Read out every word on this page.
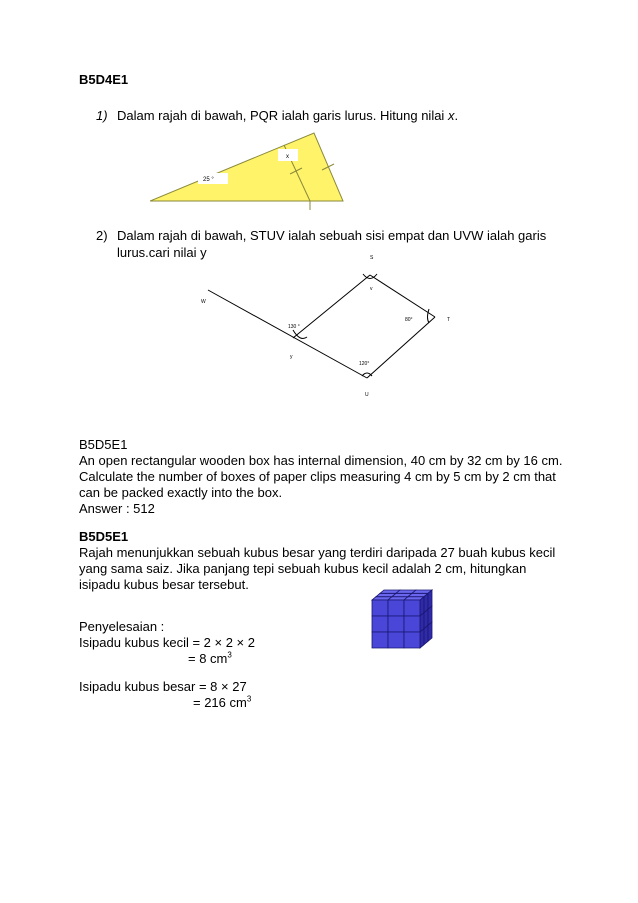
B5D4E1
1) Dalam rajah di bawah, PQR ialah garis lurus. Hitung nilai x.
x
25 °
2) Dalam rajah di bawah, STUV ialah sebuah sisi empat dan UVW ialah garis
lurus.cari nilai y	S
T
U
W
v
80°
130 °
y
120°
B5D5E1
An open rectangular wooden box has internal dimension, 40 cm by 32 cm by 16 cm.
Calculate the number of boxes of paper clips measuring 4 cm by 5 cm by 2 cm that
can be packed exactly into the box.
Answer : 512
B5D5E1
Rajah menunjukkan sebuah kubus besar yang terdiri daripada 27 buah kubus kecil
yang sama saiz. Jika panjang tepi sebuah kubus kecil adalah 2 cm, hitungkan
isipadu kubus besar tersebut.
Penyelesaian :
Isipadu kubus kecil = 2 × 2 × 2
= 8 $cm^3$
Isipadu kubus besar = 8 × 27
= 216 $cm^3$
